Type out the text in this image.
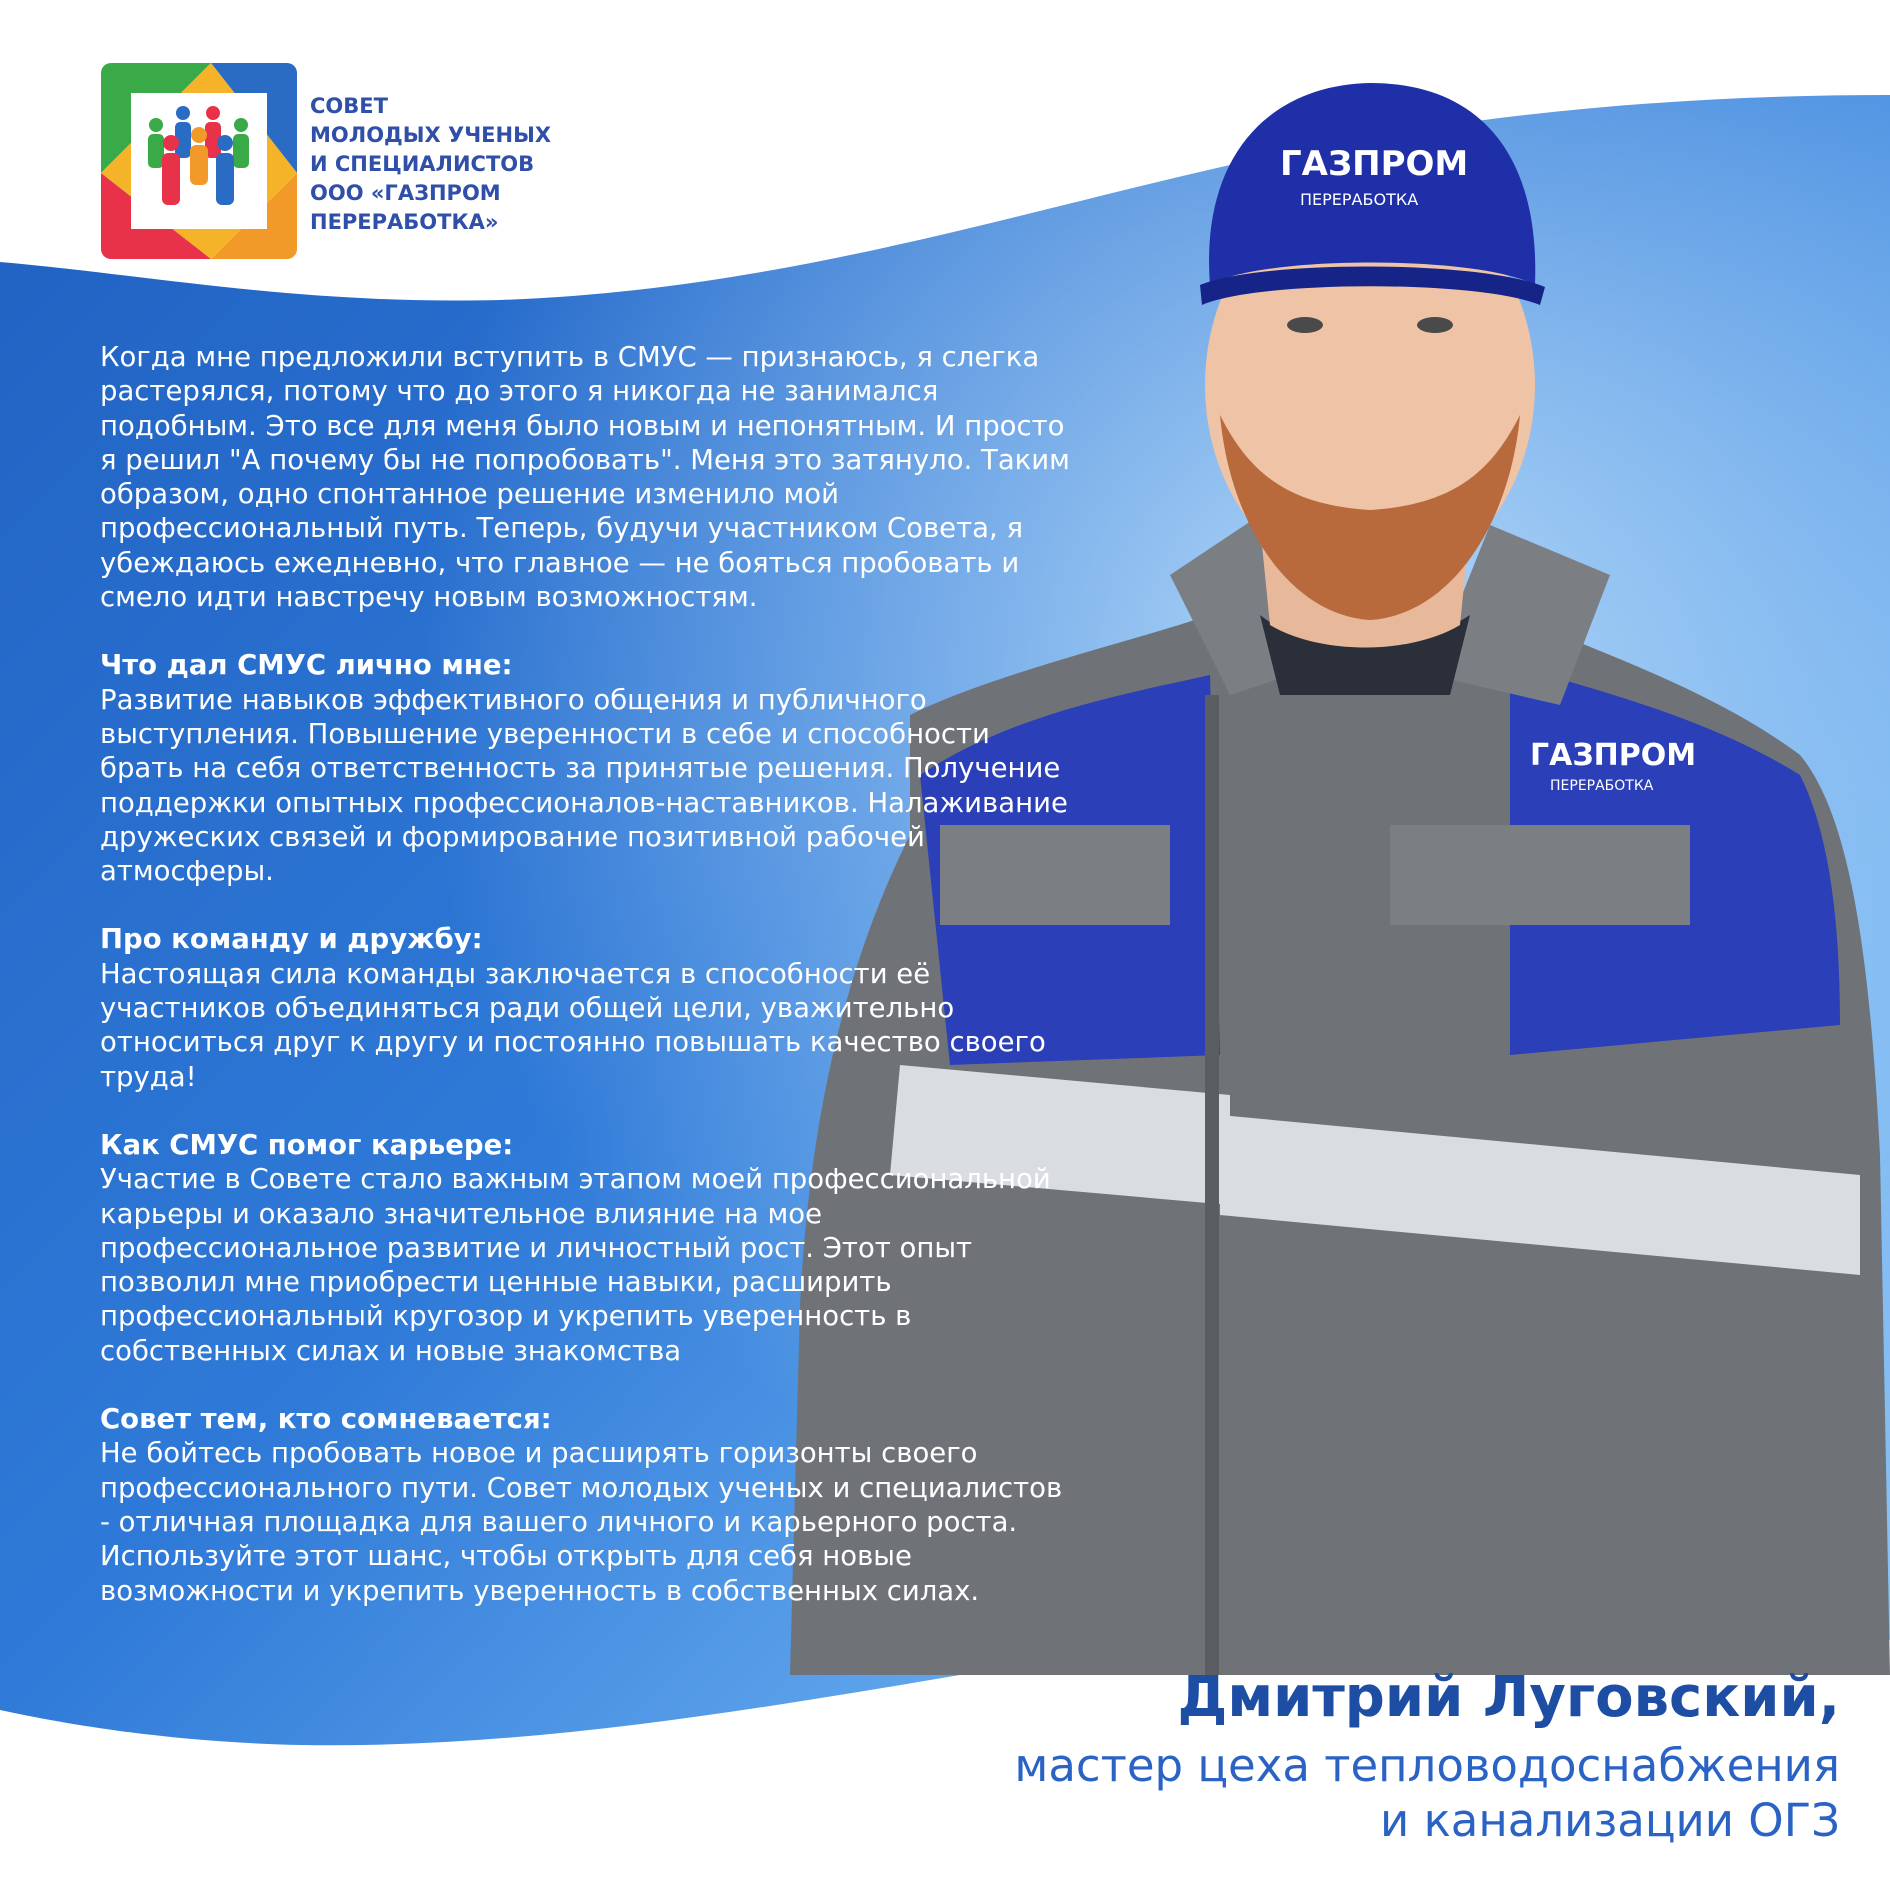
СОВЕТ
МОЛОДЫХ УЧЕНЫХ
И СПЕЦИАЛИСТОВ
ООО «ГАЗПРОМ
ПЕРЕРАБОТКА»
ГАЗПРОМ
ПЕРЕРАБОТКА
ГАЗПРОМ
ПЕРЕРАБОТКА

Когда мне предложили вступить в СМУС — признаюсь, я слегка растерялся, потому что до этого я никогда не занимался подобным. Это все для меня было новым и непонятным. И просто я решил "А почему бы не попробовать". Меня это затянуло. Таким образом, одно спонтанное решение изменило мой профессиональный путь. Теперь, будучи участником Совета, я убеждаюсь ежедневно, что главное — не бояться пробовать и смело идти навстречу новым возможностям.

Что дал СМУС лично мне:
Развитие навыков эффективного общения и публичного выступления. Повышение уверенности в себе и способности брать на себя ответственность за принятые решения. Получение поддержки опытных профессионалов-наставников. Налаживание дружеских связей и формирование позитивной рабочей атмосферы.

Про команду и дружбу:
Настоящая сила команды заключается в способности её участников объединяться ради общей цели, уважительно относиться друг к другу и постоянно повышать качество своего труда!

Как СМУС помог карьере:
Участие в Совете стало важным этапом моей профессиональной карьеры и оказало значительное влияние на мое профессиональное развитие и личностный рост. Этот опыт позволил мне приобрести ценные навыки, расширить профессиональный кругозор и укрепить уверенность в собственных силах и новые знакомства

Совет тем, кто сомневается:
Не бойтесь пробовать новое и расширять горизонты своего профессионального пути. Совет молодых ученых и специалистов - отличная площадка для вашего личного и карьерного роста. Используйте этот шанс, чтобы открыть для себя новые возможности и укрепить уверенность в собственных силах.

Дмитрий Луговский,
мастер цеха тепловодоснабжения
и канализации ОГЗ
